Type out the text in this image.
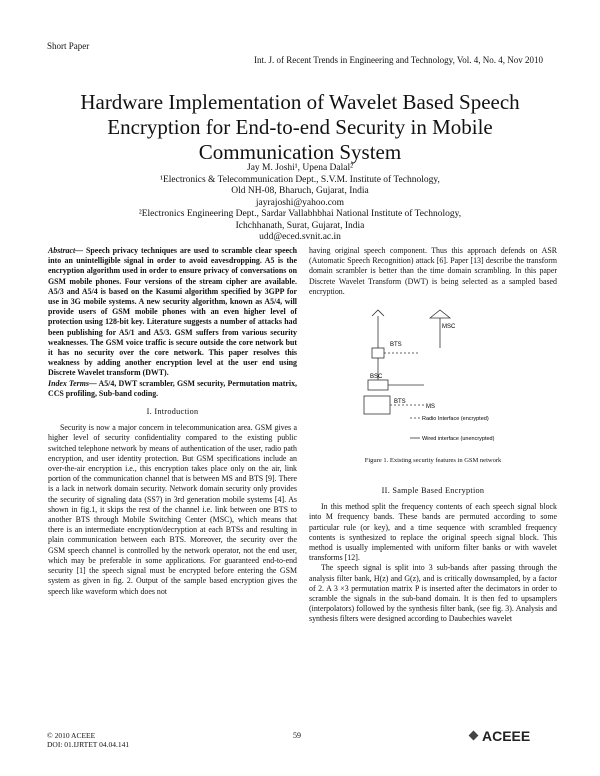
Short Paper
Int. J. of Recent Trends in Engineering and Technology, Vol. 4, No. 4, Nov 2010
Hardware Implementation of Wavelet Based Speech Encryption for End-to-end Security in Mobile Communication System

Jay M. Joshi¹, Upena Dalal²

¹Electronics & Telecommunication Dept., S.V.M. Institute of Technology,

Old NH-08, Bharuch, Gujarat, India

jayrajoshi@yahoo.com

²Electronics Engineering Dept., Sardar Vallabhbhai National Institute of Technology,

Ichchhanath, Surat, Gujarat, India

udd@eced.svnit.ac.in

Abstract— Speech privacy techniques are used to scramble clear speech into an unintelligible signal in order to avoid eavesdropping. A5 is the encryption algorithm used in order to ensure privacy of conversations on GSM mobile phones. Four versions of the stream cipher are available. A5/3 and A5/4 is based on the Kasumi algorithm specified by 3GPP for use in 3G mobile systems. A new security algorithm, known as A5/4, will provide users of GSM mobile phones with an even higher level of protection using 128-bit key. Literature suggests a number of attacks had been publishing for A5/1 and A5/3. GSM suffers from various security weaknesses. The GSM voice traffic is secure outside the core network but it has no security over the core network. This paper resolves this weakness by adding another encryption level at the user end using Discrete Wavelet transform (DWT).

Index Terms— A5/4, DWT scrambler, GSM security, Permutation matrix, CCS profiling, Sub-band coding.

I. Introduction

Security is now a major concern in telecommunication area. GSM gives a higher level of security confidentiality compared to the existing public switched telephone network by means of authentication of the user, radio path encryption, and user identity protection. But GSM specifications include an over-the-air encryption i.e., this encryption takes place only on the air, link portion of the communication channel that is between MS and BTS [9]. There is a lack in network domain security. Network domain security only provides the security of signaling data (SS7) in 3rd generation mobile systems [4]. As shown in fig.1, it skips the rest of the channel i.e. link between one BTS to another BTS through Mobile Switching Center (MSC), which means that there is an intermediate encryption/decryption at each BTSs and resulting in plain communication between each BTS. Moreover, the security over the GSM speech channel is controlled by the network operator, not the end user, which may be preferable in some applications. For guaranteed end-to-end security [1] the speech signal must be encrypted before entering the GSM system as given in fig. 2. Output of the sample based encryption gives the speech like waveform which does not

having original speech component. Thus this approach defends on ASR (Automatic Speech Recognition) attack [6]. Paper [13] describe the transform domain scrambler is better than the time domain scrambling. In this paper Discrete Wavelet Transform (DWT) is being selected as a sampled based encryption.

MSC
BTS
BSC
BTS
MS
Radio Interface (encrypted)
Wired interface (unencrypted)
Figure 1. Existing security features in GSM network

II. Sample Based Encryption

In this method split the frequency contents of each speech signal block into M frequency bands. These bands are permuted according to some particular rule (or key), and a time sequence with scrambled frequency contents is synthesized to replace the original speech signal block. This method is usually implemented with uniform filter banks or with wavelet transforms [12].

The speech signal is split into 3 sub-bands after passing through the analysis filter bank, H(z) and G(z), and is critically downsampled, by a factor of 2. A 3 ×3 permutation matrix P is inserted after the decimators in order to scramble the signals in the sub-band domain. It is then fed to upsamplers (interpolators) followed by the synthesis filter bank, (see fig. 3). Analysis and synthesis filters were designed according to Daubechies wavelet

© 2010 ACEEE
DOI: 01.IJRTET 04.04.141
59	ACEEE
